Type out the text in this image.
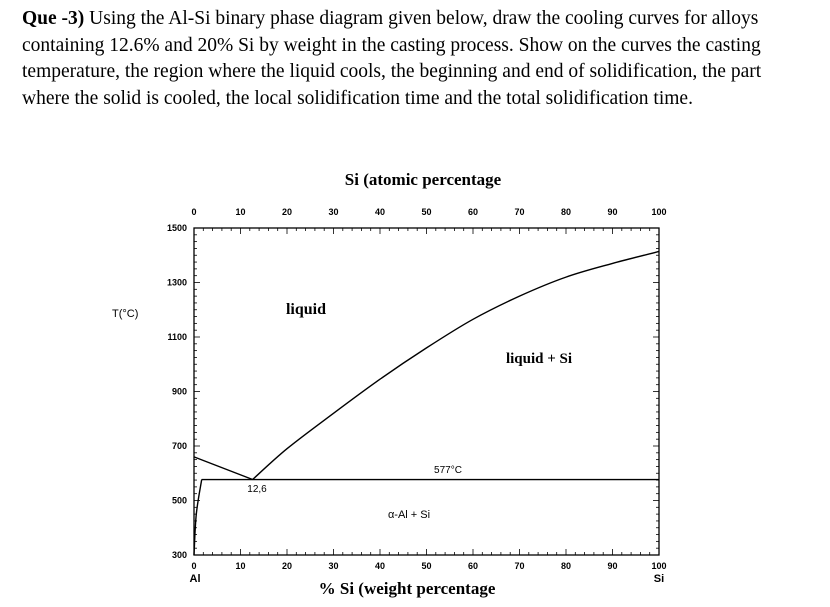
Que -3) Using the Al-Si binary phase diagram given below, draw the cooling curves for alloys containing 12.6% and 20% Si by weight in the casting process. Show on the curves the casting temperature, the region where the liquid cools, the beginning and end of solidification, the part where the solid is cooled, the local solidification time and the total solidification time.

Si (atomic percentage
T(°C)
% Si (weight percentage
0	10	20	30	40	50	60	70	80	90	100
0	10	20	30	40	50	60	70	80	90	100
1500
1300
1100
900
700
500
300
liquid
liquid + Si
α-Al + Si
577°C
12,6
Al	Si
